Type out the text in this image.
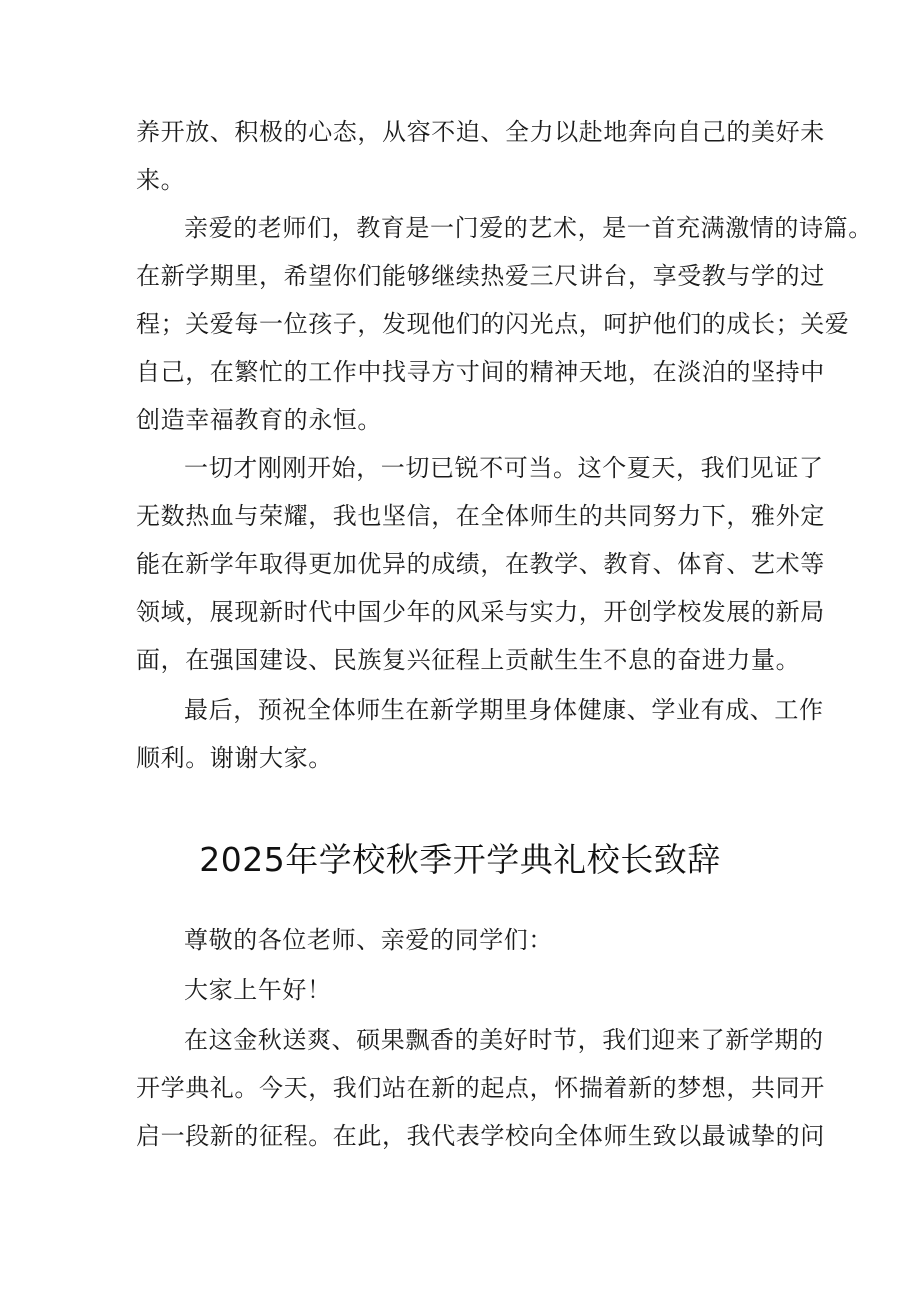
养开放、积极的心态，从容不迫、全力以赴地奔向自己的美好未
来。
亲爱的老师们，教育是一门爱的艺术，是一首充满激情的诗篇。
在新学期里，希望你们能够继续热爱三尺讲台，享受教与学的过
程；关爱每一位孩子，发现他们的闪光点，呵护他们的成长；关爱
自己，在繁忙的工作中找寻方寸间的精神天地，在淡泊的坚持中
创造幸福教育的永恒。
一切才刚刚开始，一切已锐不可当。这个夏天，我们见证了
无数热血与荣耀，我也坚信，在全体师生的共同努力下，雅外定
能在新学年取得更加优异的成绩，在教学、教育、体育、艺术等
领域，展现新时代中国少年的风采与实力，开创学校发展的新局
面，在强国建设、民族复兴征程上贡献生生不息的奋进力量。
最后，预祝全体师生在新学期里身体健康、学业有成、工作
顺利。谢谢大家。
2025年学校秋季开学典礼校长致辞
尊敬的各位老师、亲爱的同学们：
大家上午好！
在这金秋送爽、硕果飘香的美好时节，我们迎来了新学期的
开学典礼。今天，我们站在新的起点，怀揣着新的梦想，共同开
启一段新的征程。在此，我代表学校向全体师生致以最诚挚的问
